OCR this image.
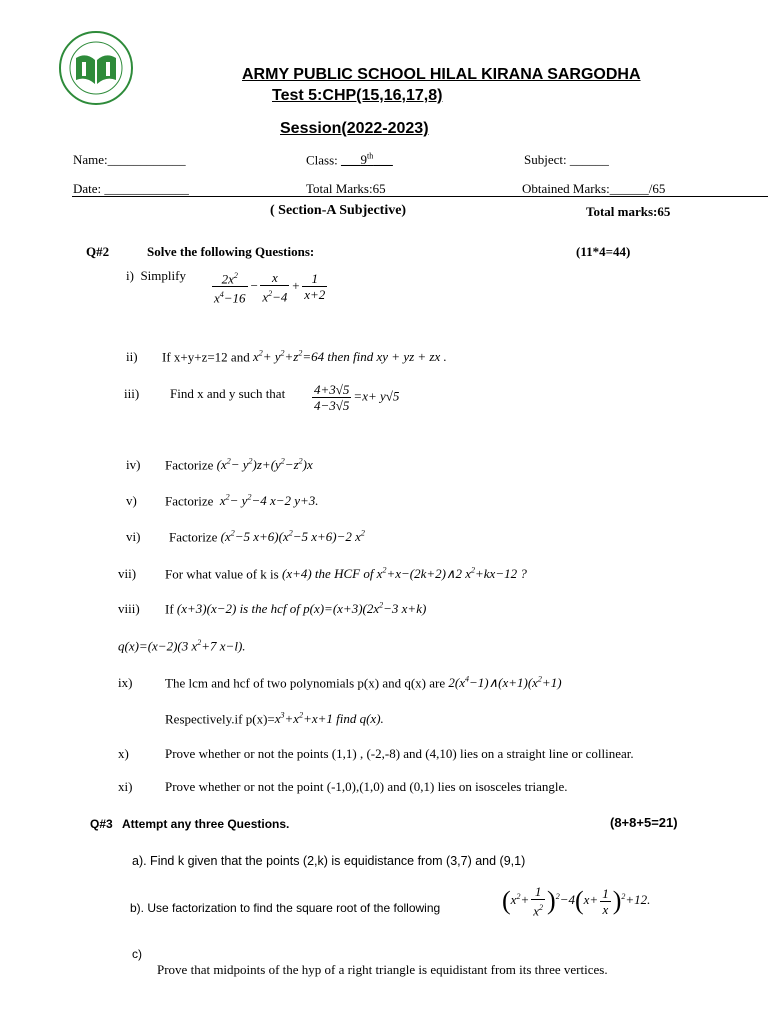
ARMY PUBLIC SCHOOL HILAL KIRANA SARGODHA
Test 5:CHP(15,16,17,8)
Session(2022-2023)
Name:____________	Class: ___9th___	Subject: ______
Date: _____________	Total Marks:65	Obtained Marks:______/65
( Section-A Subjective)	Total marks:65
Q#2	Solve the following Questions:	(11*4=44)
i) Simplify $\frac{2x^2}{x^4-16} - \frac{x}{x^2-4} + \frac{1}{x+2}$
ii) If x+y+z=12 and $x^2+ y^2+z^2=64$ then find xy + yz + zx .
iii) Find x and y such that $\frac{4+3√5}{4-3√5} =x+ y√5$
iv) Factorize $(x^2- y^2)z+(y^2-z^2)x$
v) Factorize $x^2- y^2-4$ x−2 y+3.
vi) Factorize ($x^2-5$ $x+6)(x^2-5$ x+6)−2 $x^2$
vii) For what value of k is (x+4) the HCF of $x^2+x-(2k+2)\wedge 2$ $x^2+kx-12$ ?
viii) If (x+3)(x−2) is the hcf of $p(x)=(x+3)(2x^2-3$ x+k)
q(x)=(x−2)(3 $x^2+7$ x−l).
ix)	The lcm and hcf of two polynomials p(x) and q(x) are $2(x^4-1)\wedge(x+1)(x^2+1)$
Respectively.if $p(x)=x^3+x^2+x+1$ find q(x).
x)	Prove whether or not the points (1,1) , (-2,-8) and (4,10) lies on a straight line or collinear.
xi)	Prove whether or not the point (-1,0),(1,0) and (0,1) lies on isosceles triangle.
Q#3 Attempt any three Questions.	(8+8+5=21)
a). Find k given that the points (2,k) is equidistance from (3,7) and (9,1)
b). Use factorization to find the square root of the following $(x^2+ \frac{1}{x^2} )^2-4(x+ \frac{1}{x} )^2+12$.
c)
Prove that midpoints of the hyp of a right triangle is equidistant from its three vertices.
